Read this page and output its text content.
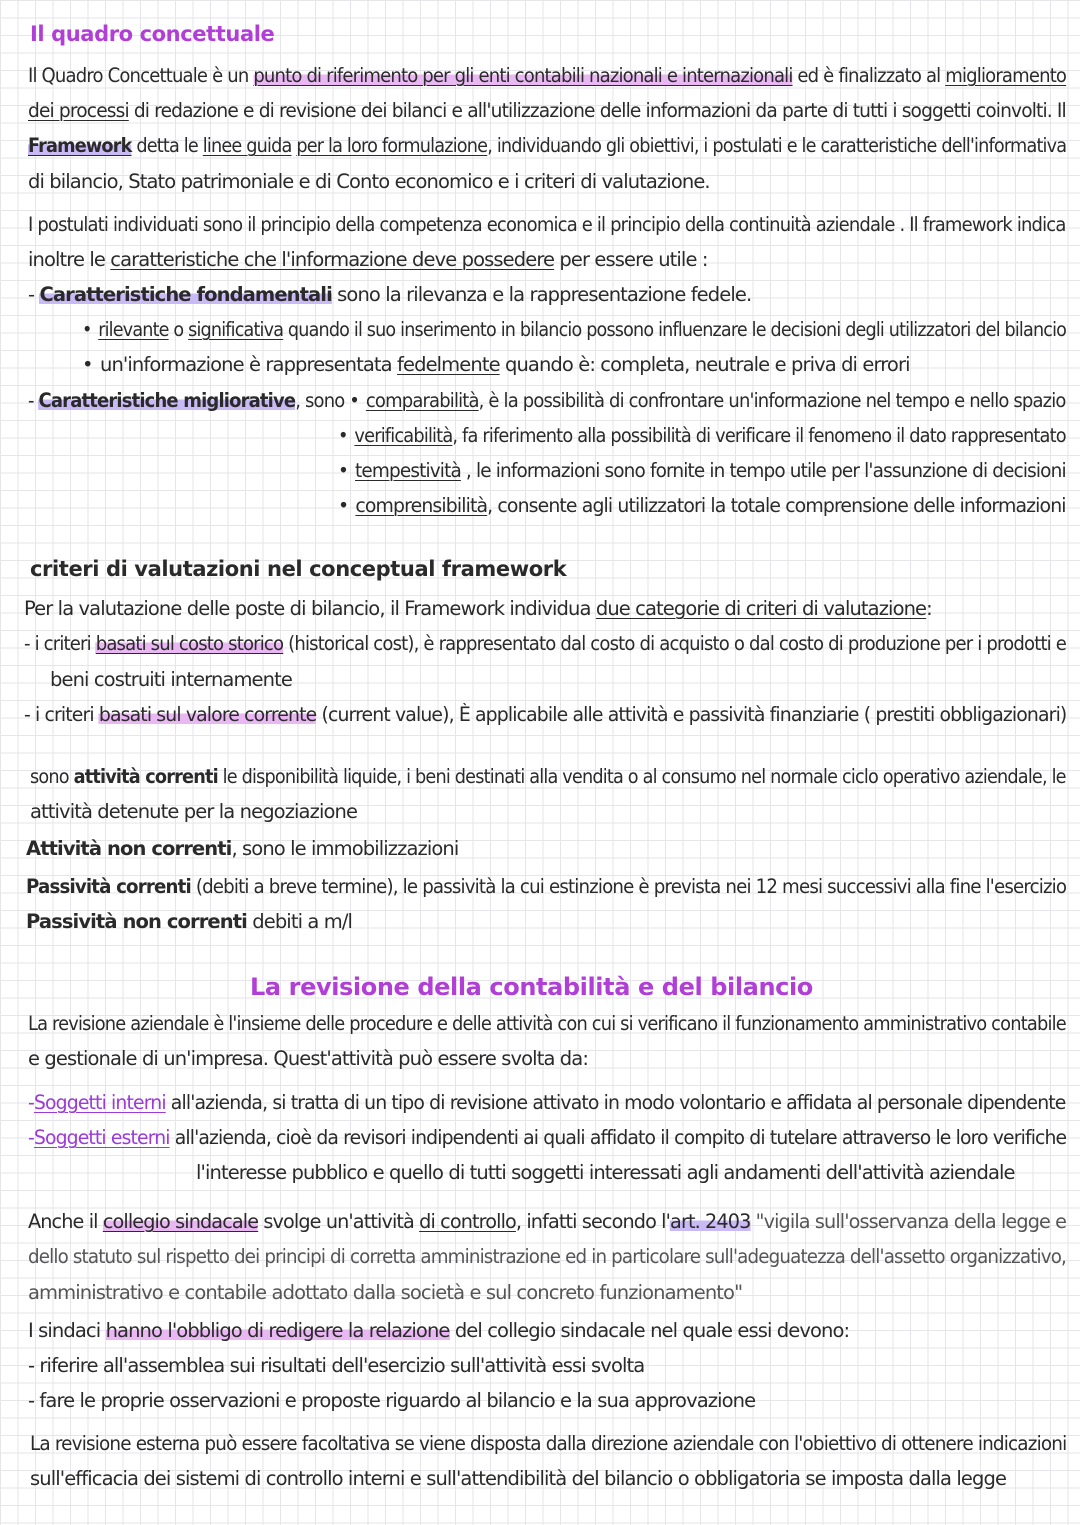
Il quadro concettuale
Il Quadro Concettuale è un punto di riferimento per gli enti contabili nazionali e internazionali ed è finalizzato al miglioramento
dei processi di redazione e di revisione dei bilanci e all'utilizzazione delle informazioni da parte di tutti i soggetti coinvolti. Il
Framework detta le linee guida per la loro formulazione, individuando gli obiettivi, i postulati e le caratteristiche dell'informativa
di bilancio, Stato patrimoniale e di Conto economico e i criteri di valutazione.
I postulati individuati sono il principio della competenza economica e il principio della continuità aziendale . Il framework indica
inoltre le caratteristiche che l'informazione deve possedere per essere utile :
- Caratteristiche fondamentali sono la rilevanza e la rappresentazione fedele.
• rilevante o significativa quando il suo inserimento in bilancio possono influenzare le decisioni degli utilizzatori del bilancio
• un'informazione è rappresentata fedelmente quando è: completa, neutrale e priva di errori
- Caratteristiche migliorative, sono • comparabilità, è la possibilità di confrontare un'informazione nel tempo e nello spazio
• verificabilità, fa riferimento alla possibilità di verificare il fenomeno il dato rappresentato
• tempestività , le informazioni sono fornite in tempo utile per l'assunzione di decisioni
• comprensibilità, consente agli utilizzatori la totale comprensione delle informazioni
criteri di valutazioni nel conceptual framework
Per la valutazione delle poste di bilancio, il Framework individua due categorie di criteri di valutazione:
- i criteri basati sul costo storico (historical cost), è rappresentato dal costo di acquisto o dal costo di produzione per i prodotti e
beni costruiti internamente
- i criteri basati sul valore corrente (current value), È applicabile alle attività e passività finanziarie ( prestiti obbligazionari)
sono attività correnti le disponibilità liquide, i beni destinati alla vendita o al consumo nel normale ciclo operativo aziendale, le
attività detenute per la negoziazione
Attività non correnti, sono le immobilizzazioni
Passività correnti (debiti a breve termine), le passività la cui estinzione è prevista nei 12 mesi successivi alla fine l'esercizio
Passività non correnti debiti a m/l
La revisione della contabilità e del bilancio
La revisione aziendale è l'insieme delle procedure e delle attività con cui si verificano il funzionamento amministrativo contabile
e gestionale di un'impresa. Quest'attività può essere svolta da:
-Soggetti interni all'azienda, si tratta di un tipo di revisione attivato in modo volontario e affidata al personale dipendente
-Soggetti esterni all'azienda, cioè da revisori indipendenti ai quali affidato il compito di tutelare attraverso le loro verifiche
l'interesse pubblico e quello di tutti soggetti interessati agli andamenti dell'attività aziendale
Anche il collegio sindacale svolge un'attività di controllo, infatti secondo l'art. 2403 "vigila sull'osservanza della legge e
dello statuto sul rispetto dei principi di corretta amministrazione ed in particolare sull'adeguatezza dell'assetto organizzativo,
amministrativo e contabile adottato dalla società e sul concreto funzionamento"
I sindaci hanno l'obbligo di redigere la relazione del collegio sindacale nel quale essi devono:
- riferire all'assemblea sui risultati dell'esercizio sull'attività essi svolta
- fare le proprie osservazioni e proposte riguardo al bilancio e la sua approvazione
La revisione esterna può essere facoltativa se viene disposta dalla direzione aziendale con l'obiettivo di ottenere indicazioni
sull'efficacia dei sistemi di controllo interni e sull'attendibilità del bilancio o obbligatoria se imposta dalla legge
